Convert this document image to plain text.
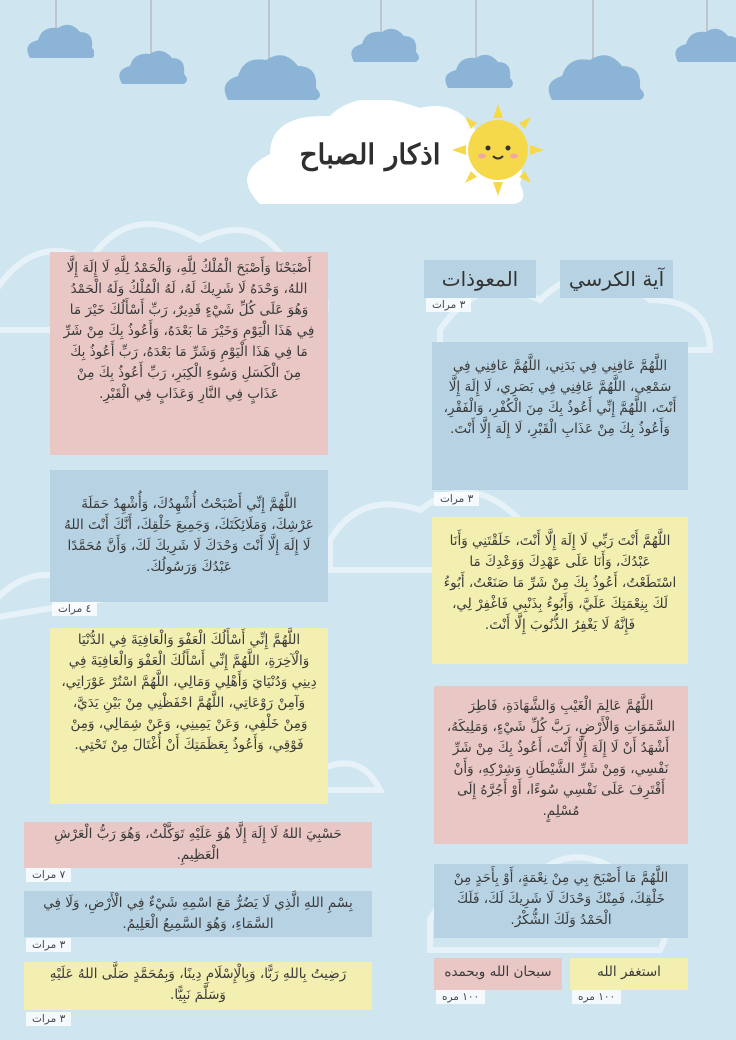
اذكار الصباح
آية الكرسي
المعوذات
٣ مرات
اللَّهُمَّ عَافِنِي فِي بَدَنِي، اللَّهُمَّ عَافِنِي فِي سَمْعِي، اللَّهُمَّ عَافِنِي فِي بَصَرِي، لَا إِلَهَ إِلَّا أَنْتَ، اللَّهُمَّ إِنِّي أَعُوذُ بِكَ مِنَ الْكُفْرِ، وَالْفَقْرِ، وَأَعُوذُ بِكَ مِنْ عَذَابِ الْقَبْرِ، لَا إِلَهَ إِلَّا أَنْتَ.
٣ مرات
اللَّهُمَّ أَنْتَ رَبِّي لَا إِلَهَ إِلَّا أَنْتَ، خَلَقْتَنِي وَأَنَا عَبْدُكَ، وَأَنَا عَلَى عَهْدِكَ وَوَعْدِكَ مَا اسْتَطَعْتُ، أَعُوذُ بِكَ مِنْ شَرِّ مَا صَنَعْتُ، أَبُوءُ لَكَ بِنِعْمَتِكَ عَلَيَّ، وَأَبُوءُ بِذَنْبِي فَاغْفِرْ لِي، فَإِنَّهُ لَا يَغْفِرُ الذُّنُوبَ إِلَّا أَنْتَ.
اللَّهُمَّ عَالِمَ الْغَيْبِ وَالشَّهَادَةِ، فَاطِرَ السَّمَوَاتِ وَالْأَرْضِ، رَبَّ كُلِّ شَيْءٍ، وَمَلِيكَهُ، أَشْهَدُ أَنْ لَا إِلَهَ إِلَّا أَنْتَ، أَعُوذُ بِكَ مِنْ شَرِّ نَفْسِي، وَمِنْ شَرِّ الشَّيْطَانِ وَشِرْكِهِ، وَأَنْ أَقْتَرِفَ عَلَى نَفْسِي سُوءًا، أَوْ أَجُرَّهُ إِلَى مُسْلِمٍ.
اللَّهُمَّ مَا أَصْبَحَ بِي مِنْ نِعْمَةٍ، أَوْ بِأَحَدٍ مِنْ خَلْقِكَ، فَمِنْكَ وَحْدَكَ لَا شَرِيكَ لَكَ، فَلَكَ الْحَمْدُ وَلَكَ الشُّكْرُ.
سبحان الله وبحمده
١٠٠ مره
استغفر الله
١٠٠ مره
أَصْبَحْنَا وَأَصْبَحَ الْمُلْكُ لِلَّهِ، وَالْحَمْدُ لِلَّهِ لَا إِلَهَ إِلَّا اللهُ، وَحْدَهُ لَا شَرِيكَ لَهُ، لَهُ الْمُلْكُ وَلَهُ الْحَمْدُ وَهُوَ عَلَى كُلِّ شَيْءٍ قَدِيرٌ، رَبِّ أَسْأَلُكَ خَيْرَ مَا فِي هَذَا الْيَوْمِ وَخَيْرَ مَا بَعْدَهُ، وَأَعُوذُ بِكَ مِنْ شَرِّ مَا فِي هَذَا الْيَوْمِ وَشَرِّ مَا بَعْدَهُ، رَبِّ أَعُوذُ بِكَ مِنَ الْكَسَلِ وَسُوءِ الْكِبَرِ، رَبِّ أَعُوذُ بِكَ مِنْ عَذَابٍ فِي النَّارِ وَعَذَابٍ فِي الْقَبْرِ.
اللَّهُمَّ إِنِّي أَصْبَحْتُ أُشْهِدُكَ، وَأُشْهِدُ حَمَلَةَ عَرْشِكَ، وَمَلَائِكَتَكَ، وَجَمِيعَ خَلْقِكَ، أَنَّكَ أَنْتَ اللهُ لَا إِلَهَ إِلَّا أَنْتَ وَحْدَكَ لَا شَرِيكَ لَكَ، وَأَنَّ مُحَمَّدًا عَبْدُكَ وَرَسُولُكَ.
٤ مرات
اللَّهُمَّ إِنِّي أَسْأَلُكَ الْعَفْوَ وَالْعَافِيَةَ فِي الدُّنْيَا وَالْآخِرَةِ، اللَّهُمَّ إِنِّي أَسْأَلُكَ الْعَفْوَ وَالْعَافِيَةَ فِي دِينِي وَدُنْيَايَ وَأَهْلِي وَمَالِي، اللَّهُمَّ اسْتُرْ عَوْرَاتِي، وَآمِنْ رَوْعَاتِي، اللَّهُمَّ احْفَظْنِي مِنْ بَيْنِ يَدَيَّ، وَمِنْ خَلْفِي، وَعَنْ يَمِينِي، وَعَنْ شِمَالِي، وَمِنْ فَوْقِي، وَأَعُوذُ بِعَظَمَتِكَ أَنْ أُغْتَالَ مِنْ تَحْتِي.
حَسْبِيَ اللهُ لَا إِلَهَ إِلَّا هُوَ عَلَيْهِ تَوَكَّلْتُ، وَهُوَ رَبُّ الْعَرْشِ الْعَظِيمِ.
٧ مرات
بِسْمِ اللهِ الَّذِي لَا يَضُرُّ مَعَ اسْمِهِ شَيْءٌ فِي الْأَرْضِ، وَلَا فِي السَّمَاءِ، وَهُوَ السَّمِيعُ الْعَلِيمُ.
٣ مرات
رَضِيتُ بِاللهِ رَبًّا، وَبِالْإِسْلَامِ دِينًا، وَبِمُحَمَّدٍ صَلَّى اللهُ عَلَيْهِ وَسَلَّمَ نَبِيًّا.
٣ مرات
